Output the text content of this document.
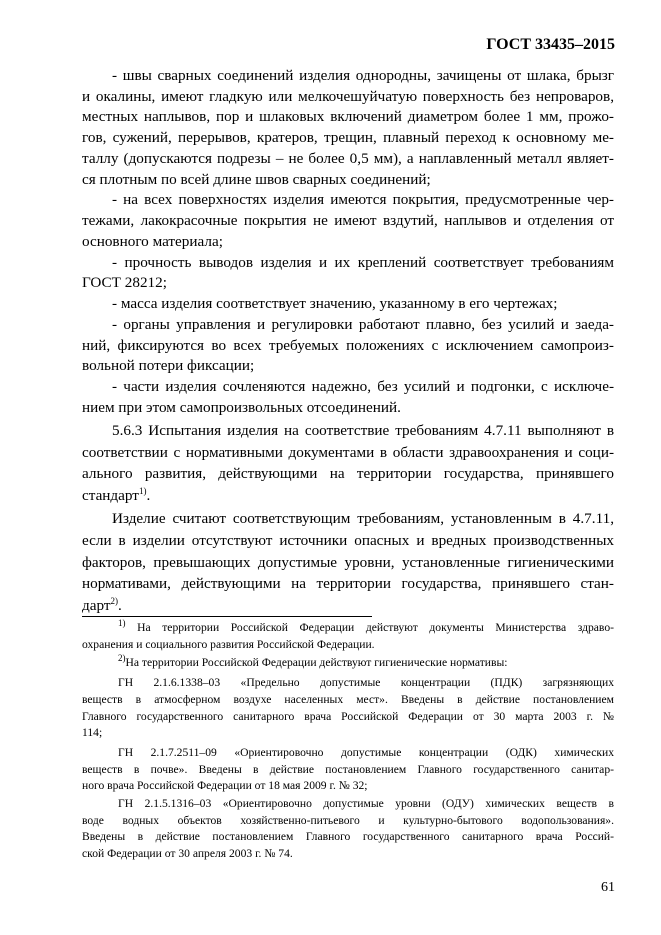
ГОСТ 33435–2015
- швы сварных соединений изделия однородны, зачищены от шлака, брызг
и окалины, имеют гладкую или мелкочешуйчатую поверхность без непроваров,
местных наплывов, пор и шлаковых включений диаметром более 1 мм, прожо-
гов, сужений, перерывов, кратеров, трещин, плавный переход к основному ме-
таллу (допускаются подрезы – не более 0,5 мм), а наплавленный металл являет-
ся плотным по всей длине швов сварных соединений;
- на всех поверхностях изделия имеются покрытия, предусмотренные чер-
тежами, лакокрасочные покрытия не имеют вздутий, наплывов и отделения от
основного материала;
- прочность выводов изделия и их креплений соответствует требованиям
ГОСТ 28212;
- масса изделия соответствует значению, указанному в его чертежах;
- органы управления и регулировки работают плавно, без усилий и заеда-
ний, фиксируются во всех требуемых положениях с исключением самопроиз-
вольной потери фиксации;
- части изделия сочленяются надежно, без усилий и подгонки, с исключе-
нием при этом самопроизвольных отсоединений.
5.6.3 Испытания изделия на соответствие требованиям 4.7.11 выполняют в
соответствии с нормативными документами в области здравоохранения и соци-
ального развития, действующими на территории государства, принявшего
стандарт$^{1)}$.
Изделие считают соответствующим требованиям, установленным в 4.7.11,
если в изделии отсутствуют источники опасных и вредных производственных
факторов, превышающих допустимые уровни, установленные гигиеническими
нормативами, действующими на территории государства, принявшего стан-
дарт$^{2)}$.
$^{1)}$ На территории Российской Федерации действуют документы Министерства здраво-
охранения и социального развития Российской Федерации.
$^{2)}$На территории Российской Федерации действуют гигиенические нормативы:
ГН 2.1.6.1338–03 «Предельно допустимые концентрации (ПДК) загрязняющих
веществ в атмосферном воздухе населенных мест». Введены в действие постановлением
Главного государственного санитарного врача Российской Федерации от 30 марта 2003 г. №
114;
ГН 2.1.7.2511–09 «Ориентировочно допустимые концентрации (ОДК) химических
веществ в почве». Введены в действие постановлением Главного государственного санитар-
ного врача Российской Федерации от 18 мая 2009 г. № 32;
ГН 2.1.5.1316–03 «Ориентировочно допустимые уровни (ОДУ) химических веществ в
воде водных объектов хозяйственно-питьевого и культурно-бытового водопользования».
Введены в действие постановлением Главного государственного санитарного врача Россий-
ской Федерации от 30 апреля 2003 г. № 74.
61
